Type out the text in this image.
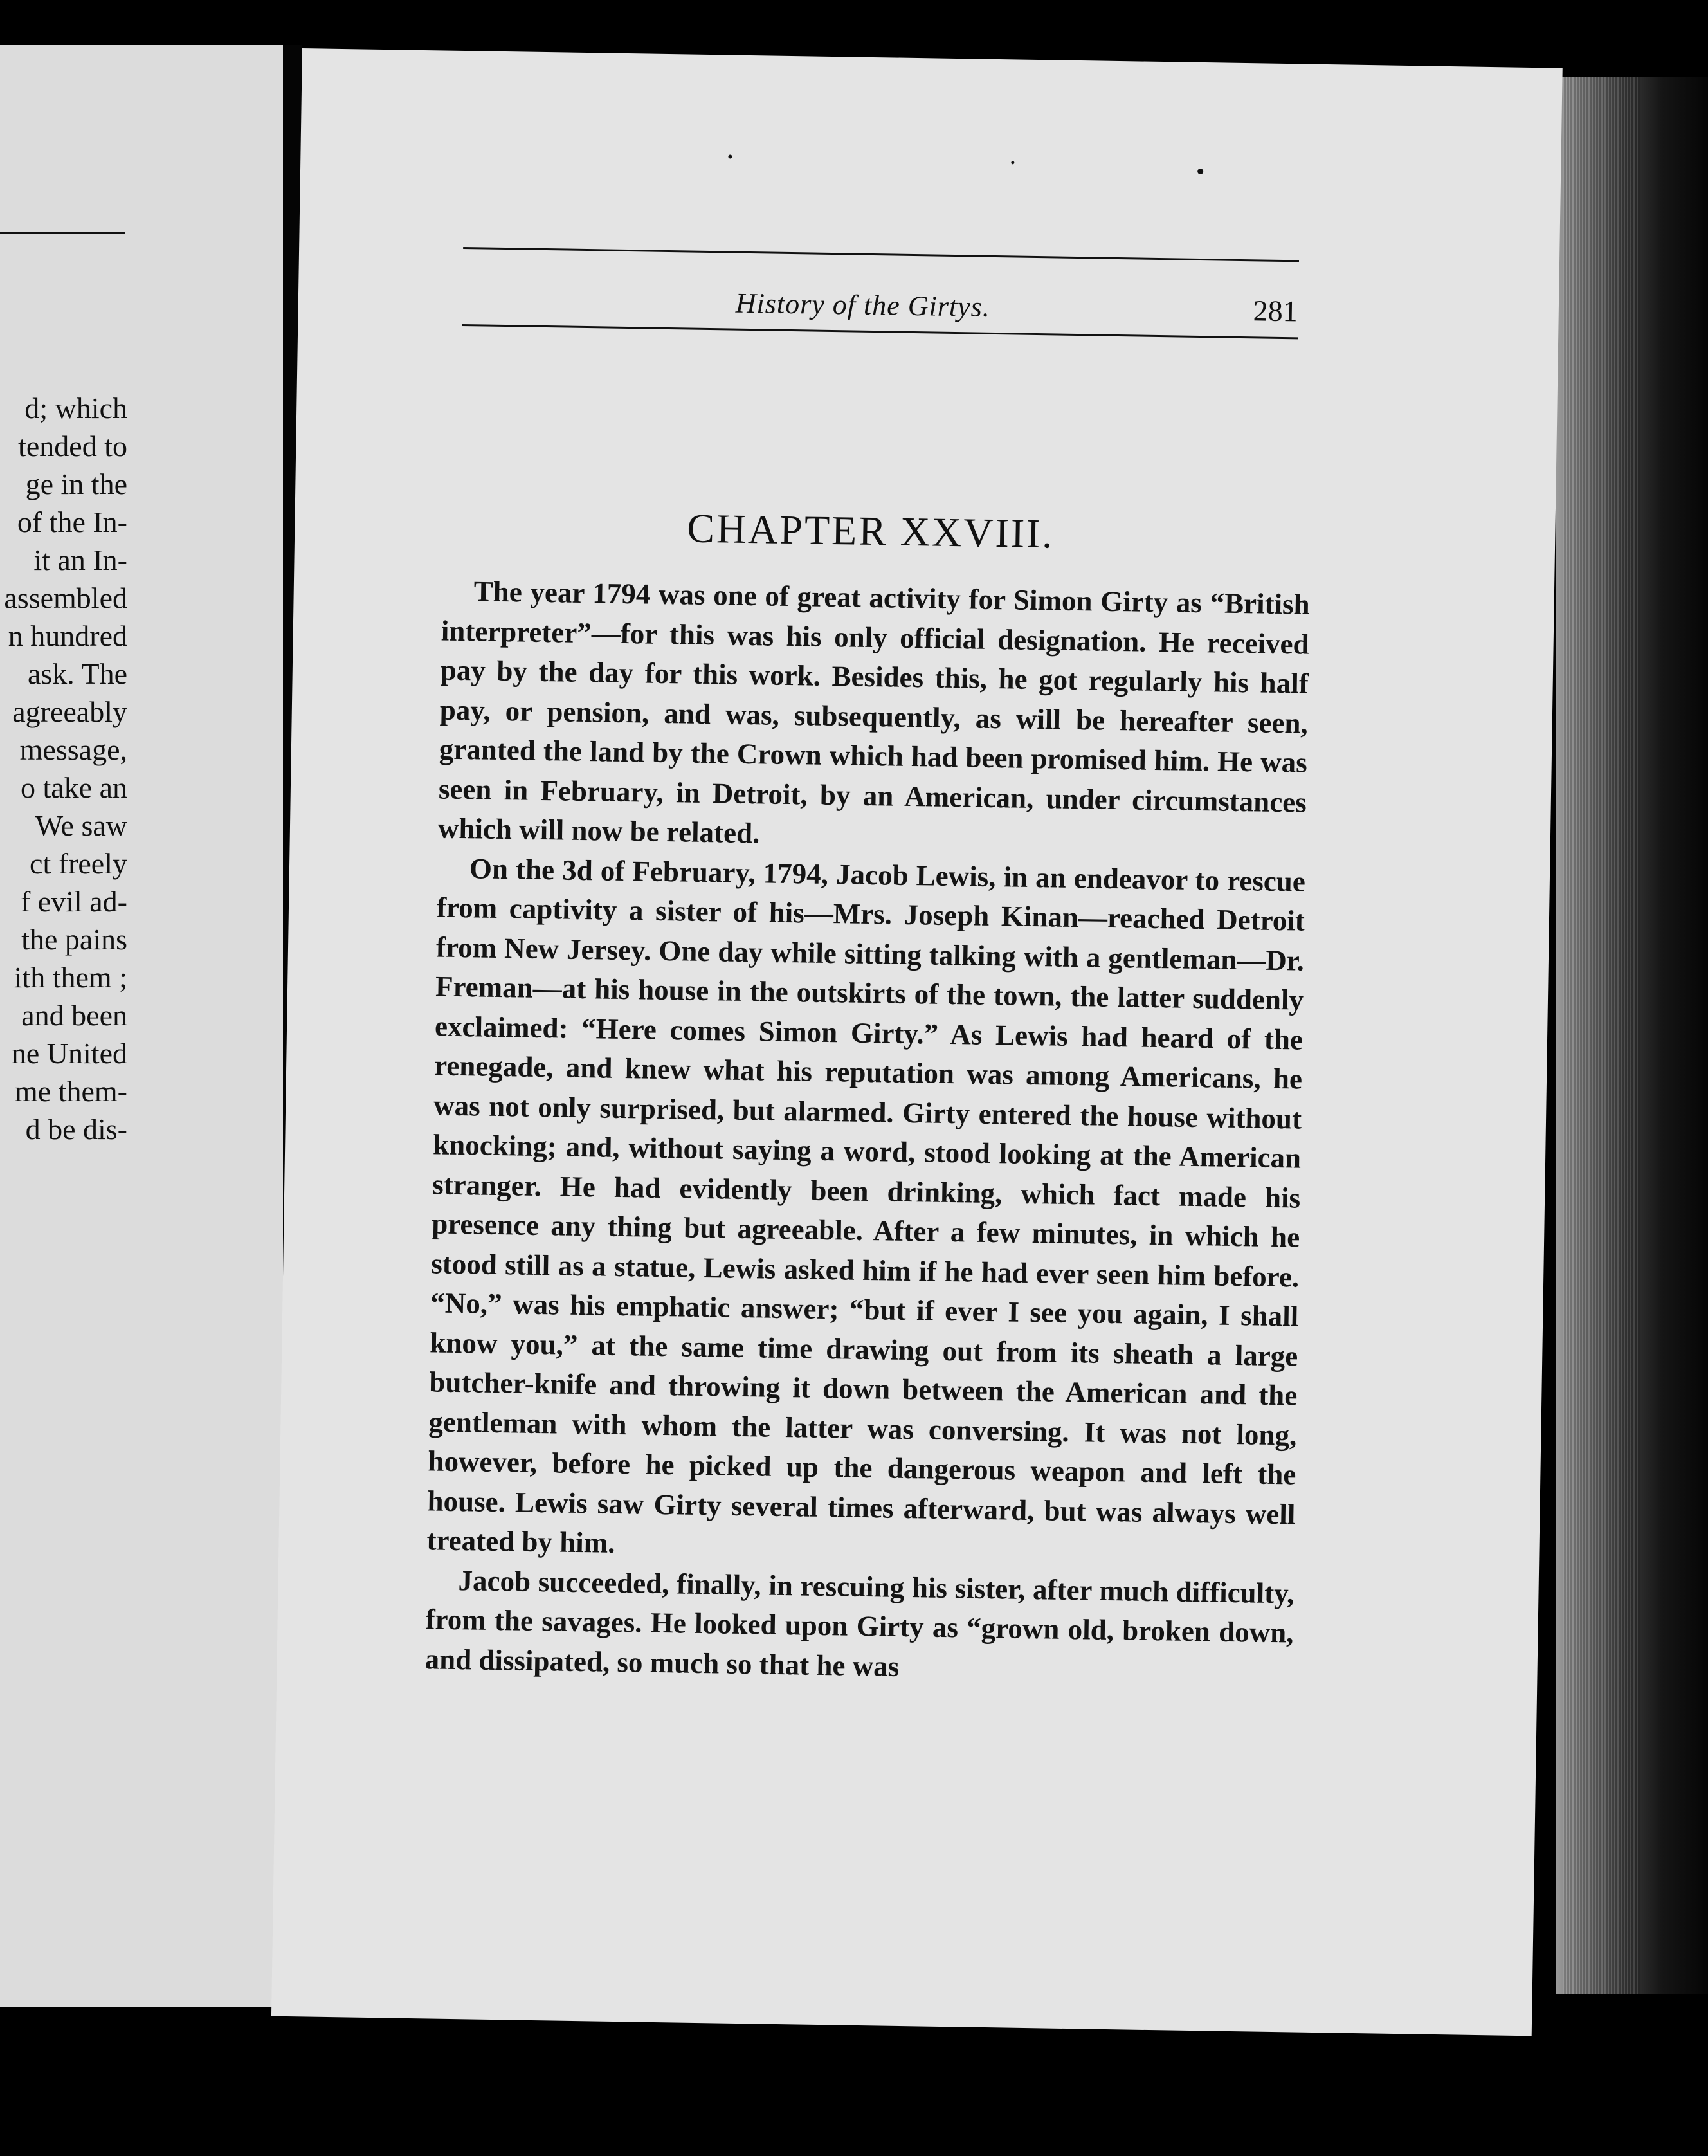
d; which
tended to
ge in the
of the In-
it an In-
assembled
n hundred
ask. The
agreeably
message,
o take an
We saw
ct freely
f evil ad-
the pains
ith them ;
and been
ne United
me them-
d be dis-
History of the Girtys.	281
CHAPTER XXVIII.

The year 1794 was one of great activity for Simon Girty as “British interpreter”—for this was his only official designation. He received pay by the day for this work. Besides this, he got regularly his half pay, or pension, and was, subsequently, as will be hereafter seen, granted the land by the Crown which had been promised him. He was seen in February, in Detroit, by an American, under circumstances which will now be related.

On the 3d of February, 1794, Jacob Lewis, in an endeavor to rescue from captivity a sister of his—Mrs. Joseph Kinan—reached Detroit from New Jersey. One day while sitting talking with a gentleman—Dr. Freman—at his house in the outskirts of the town, the latter suddenly exclaimed: “Here comes Simon Girty.” As Lewis had heard of the renegade, and knew what his reputation was among Americans, he was not only surprised, but alarmed. Girty entered the house without knocking; and, without saying a word, stood looking at the American stranger. He had evidently been drinking, which fact made his presence any thing but agreeable. After a few minutes, in which he stood still as a statue, Lewis asked him if he had ever seen him before. “No,” was his emphatic answer; “but if ever I see you again, I shall know you,” at the same time drawing out from its sheath a large butcher-knife and throwing it down between the American and the gentleman with whom the latter was conversing. It was not long, however, before he picked up the dangerous weapon and left the house. Lewis saw Girty several times afterward, but was always well treated by him.

Jacob succeeded, finally, in rescuing his sister, after much difficulty, from the savages. He looked upon Girty as “grown old, broken down, and dissipated, so much so that he was
